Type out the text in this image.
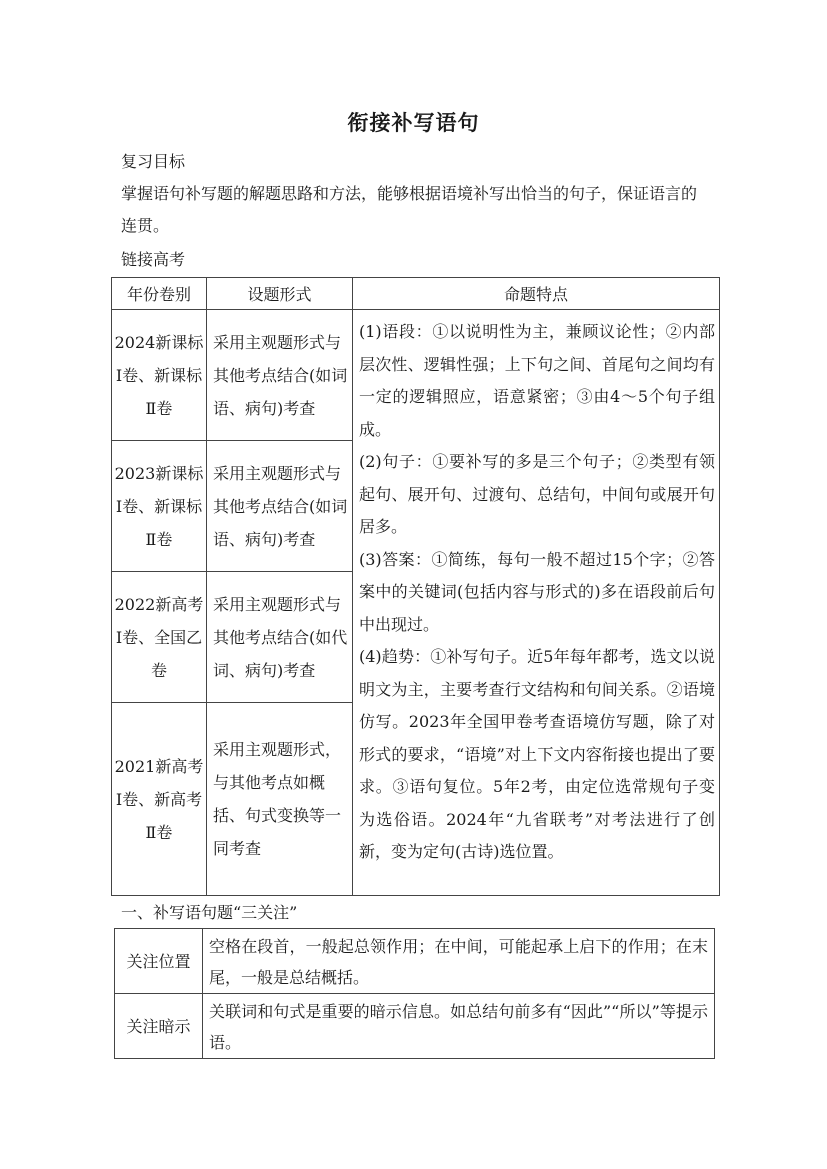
衔接补写语句
复习目标
掌握语句补写题的解题思路和方法，能够根据语境补写出恰当的句子，保证语言的连贯。
链接高考
年份卷别	设题形式	命题特点
2024新课标Ⅰ卷、新课标Ⅱ卷	采用主观题形式与其他考点结合(如词语、病句)考查	(1)语段：①以说明性为主，兼顾议论性；②内部层次性、逻辑性强；上下句之间、首尾句之间均有一定的逻辑照应，语意紧密；③由4～5个句子组成。

(2)句子：①要补写的多是三个句子；②类型有领起句、展开句、过渡句、总结句，中间句或展开句居多。

(3)答案：①简练，每句一般不超过15个字；②答案中的关键词(包括内容与形式的)多在语段前后句中出现过。

(4)趋势：①补写句子。近5年每年都考，选文以说明文为主，主要考查行文结构和句间关系。②语境仿写。2023年全国甲卷考查语境仿写题，除了对形式的要求，“语境”对上下文内容衔接也提出了要求。③语句复位。5年2考，由定位选常规句子变为选俗语。2024年“九省联考”对考法进行了创新，变为定句(古诗)选位置。

2023新课标Ⅰ卷、新课标Ⅱ卷	采用主观题形式与其他考点结合(如词语、病句)考查	
2022新高考Ⅰ卷、全国乙卷	采用主观题形式与其他考点结合(如代词、病句)考查	
2021新高考Ⅰ卷、新高考Ⅱ卷	采用主观题形式，与其他考点如概括、句式变换等一同考查	
一、补写语句题“三关注”
关注位置	空格在段首，一般起总领作用；在中间，可能起承上启下的作用；在末尾，一般是总结概括。
关注暗示	关联词和句式是重要的暗示信息。如总结句前多有“因此”“所以”等提示语。
